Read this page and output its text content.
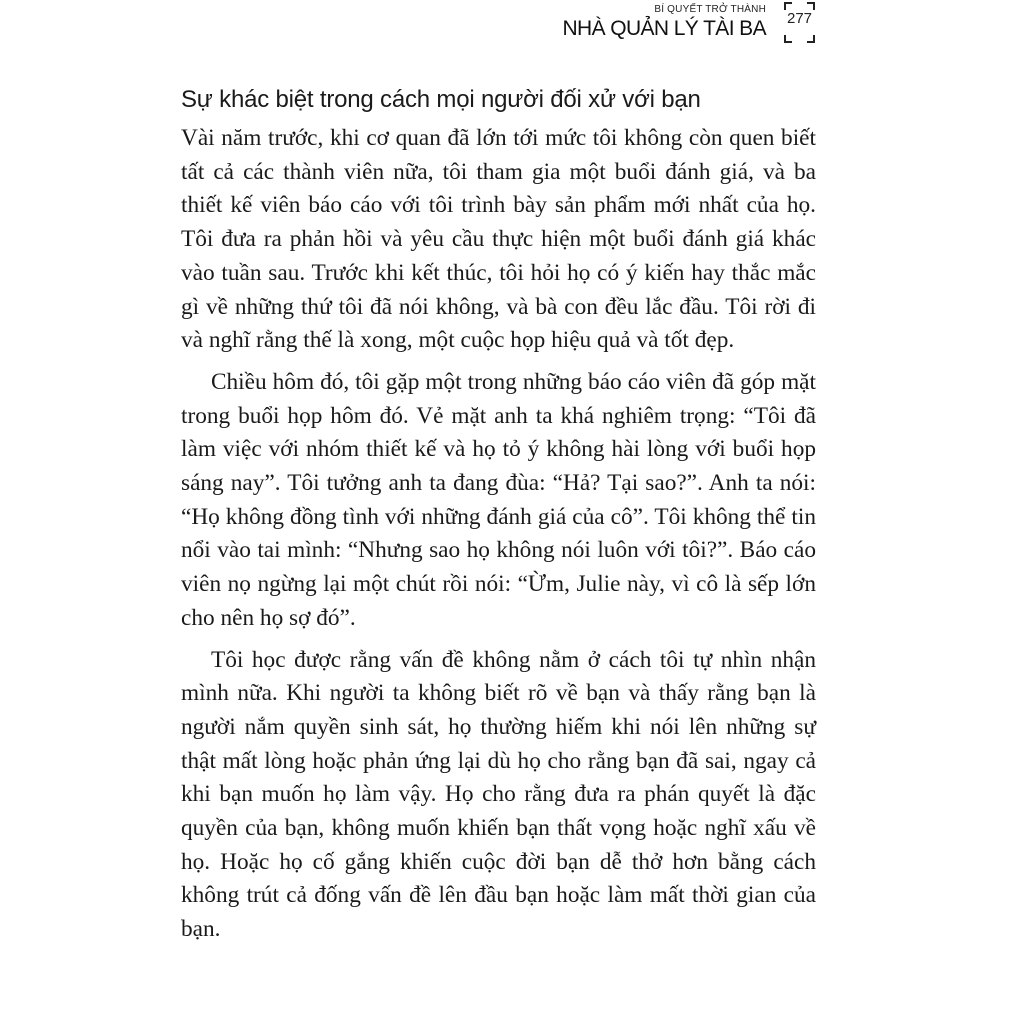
BÍ QUYẾT TRỞ THÀNH
NHÀ QUẢN LÝ TÀI BA 277
Sự khác biệt trong cách mọi người đối xử với bạn

Vài năm trước, khi cơ quan đã lớn tới mức tôi không còn quen biết tất cả các thành viên nữa, tôi tham gia một buổi đánh giá, và ba thiết kế viên báo cáo với tôi trình bày sản phẩm mới nhất của họ. Tôi đưa ra phản hồi và yêu cầu thực hiện một buổi đánh giá khác vào tuần sau. Trước khi kết thúc, tôi hỏi họ có ý kiến hay thắc mắc gì về những thứ tôi đã nói không, và bà con đều lắc đầu. Tôi rời đi và nghĩ rằng thế là xong, một cuộc họp hiệu quả và tốt đẹp.

Chiều hôm đó, tôi gặp một trong những báo cáo viên đã góp mặt trong buổi họp hôm đó. Vẻ mặt anh ta khá nghiêm trọng: “Tôi đã làm việc với nhóm thiết kế và họ tỏ ý không hài lòng với buổi họp sáng nay”. Tôi tưởng anh ta đang đùa: “Hả? Tại sao?”. Anh ta nói: “Họ không đồng tình với những đánh giá của cô”. Tôi không thể tin nổi vào tai mình: “Nhưng sao họ không nói luôn với tôi?”. Báo cáo viên nọ ngừng lại một chút rồi nói: “Ừm, Julie này, vì cô là sếp lớn cho nên họ sợ đó”.

Tôi học được rằng vấn đề không nằm ở cách tôi tự nhìn nhận mình nữa. Khi người ta không biết rõ về bạn và thấy rằng bạn là người nắm quyền sinh sát, họ thường hiếm khi nói lên những sự thật mất lòng hoặc phản ứng lại dù họ cho rằng bạn đã sai, ngay cả khi bạn muốn họ làm vậy. Họ cho rằng đưa ra phán quyết là đặc quyền của bạn, không muốn khiến bạn thất vọng hoặc nghĩ xấu về họ. Hoặc họ cố gắng khiến cuộc đời bạn dễ thở hơn bằng cách không trút cả đống vấn đề lên đầu bạn hoặc làm mất thời gian của bạn.
